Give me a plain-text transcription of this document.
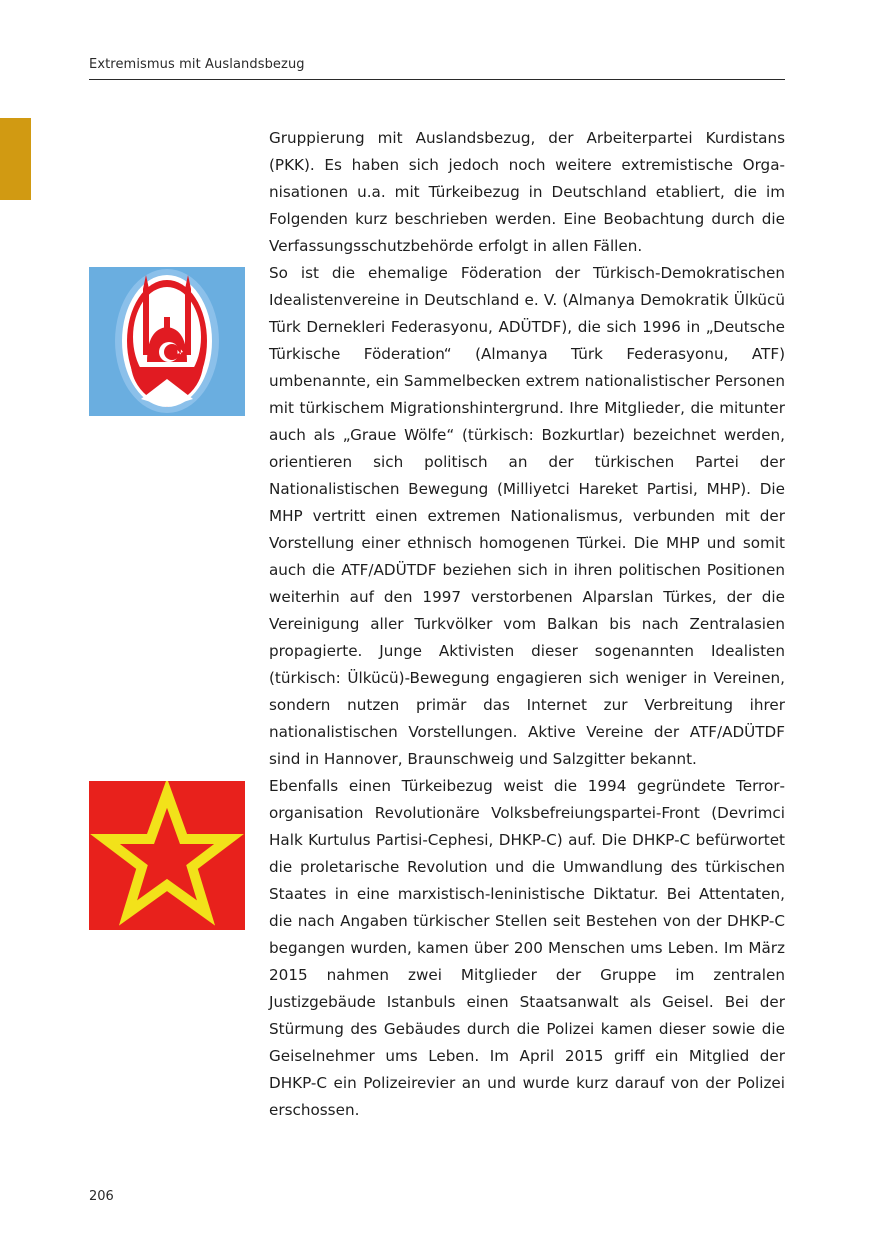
Extremismus mit Auslandsbezug

Gruppierung mit Auslandsbezug, der Arbeiterpartei Kurdistans (PKK). Es haben sich jedoch noch weitere extremistische Organisationen u.a. mit Türkeibezug in Deutschland etabliert, die im Folgenden kurz beschrieben werden. Eine Beobachtung durch die Verfassungsschutzbehörde erfolgt in allen Fällen.

So ist die ehemalige Föderation der Türkisch-Demokratischen Idealistenvereine in Deutschland e. V. (Almanya Demokratik Ülkücü Türk Dernekleri Federasyonu, ADÜTDF), die sich 1996 in „Deutsche Türkische Föderation“ (Almanya Türk Federasyonu, ATF) umbenannte, ein Sammelbecken extrem nationalistischer Personen mit türkischem Migrationshintergrund. Ihre Mitglieder, die mitunter auch als „Graue Wölfe“ (türkisch: Bozkurtlar) bezeichnet werden, orientieren sich politisch an der türkischen Partei der Nationalistischen Bewegung (Milliyetci Hareket Partisi, MHP). Die MHP vertritt einen extremen Nationalismus, verbunden mit der Vorstellung einer ethnisch homogenen Türkei. Die MHP und somit auch die ATF/ADÜTDF beziehen sich in ihren politischen Positionen weiterhin auf den 1997 verstorbenen Alparslan Türkes, der die Vereinigung aller Turkvölker vom Balkan bis nach Zentralasien propagierte. Junge Aktivisten dieser sogenannten Idealisten (türkisch: Ülkücü)-Bewegung engagieren sich weniger in Vereinen, sondern nutzen primär das Internet zur Verbreitung ihrer nationalistischen Vorstellungen. Aktive Vereine der ATF/​ADÜTDF sind in Hannover, Braunschweig und Salzgitter bekannt.

Ebenfalls einen Türkeibezug weist die 1994 gegründete Terrororganisation Revolutionäre Volksbefreiungspartei-Front (Devrimci Halk Kurtulus Partisi-Cephesi, DHKP-C) auf. Die DHKP-C befürwortet die proletarische Revolution und die Umwandlung des türkischen Staates in eine marxistisch-leninistische Diktatur. Bei Attentaten, die nach Angaben türkischer Stellen seit Bestehen von der DHKP-C begangen wurden, kamen über 200 Menschen ums Leben. Im März 2015 nahmen zwei Mitglieder der Gruppe im zentralen Justizgebäude Istanbuls einen Staatsanwalt als Geisel. Bei der Stürmung des Gebäudes durch die Polizei kamen dieser sowie die Geiselnehmer ums Leben. Im April 2015 griff ein Mitglied der DHKP-C ein Polizeirevier an und wurde kurz darauf von der Polizei erschossen.

206
